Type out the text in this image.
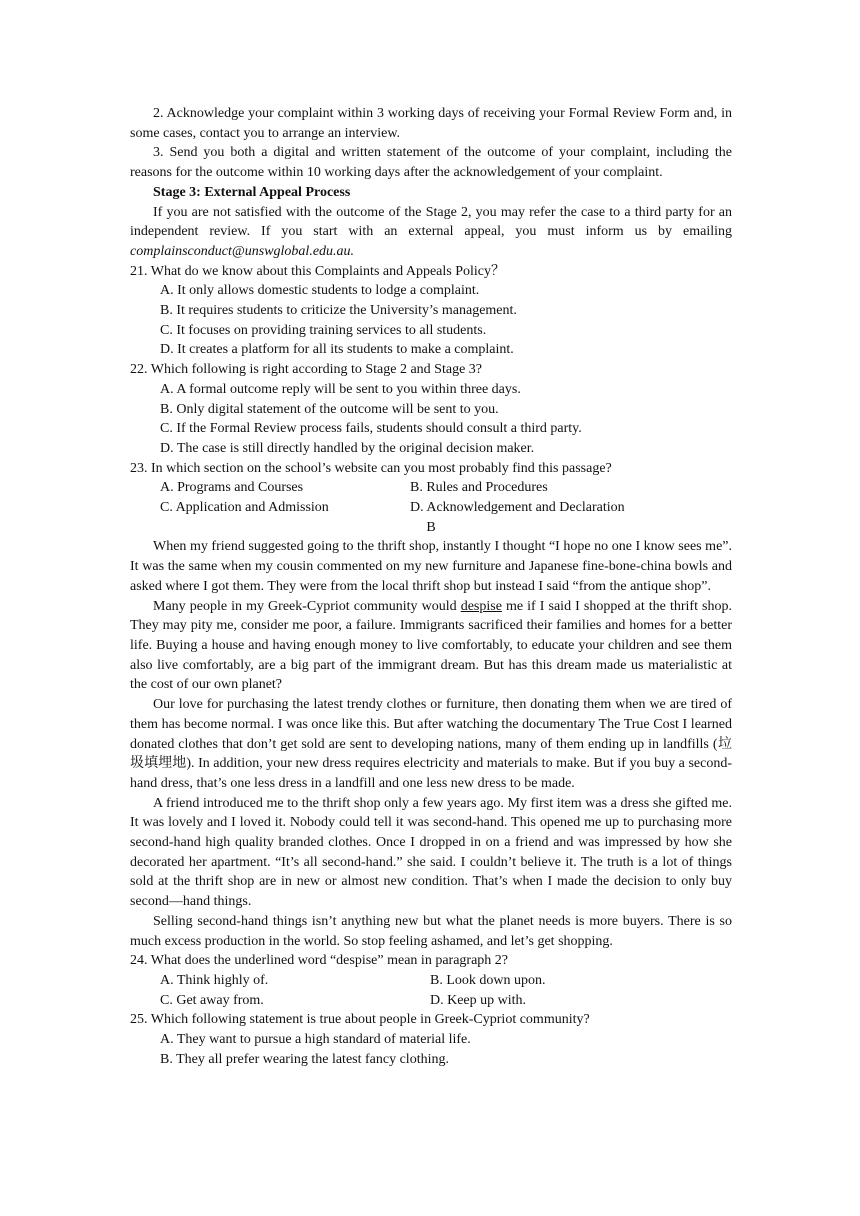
2. Acknowledge your complaint within 3 working days of receiving your Formal Review Form and, in some cases, contact you to arrange an interview.

3. Send you both a digital and written statement of the outcome of your complaint, including the reasons for the outcome within 10 working days after the acknowledgement of your complaint.

Stage 3: External Appeal Process

If you are not satisfied with the outcome of the Stage 2, you may refer the case to a third party for an independent review. If you start with an external appeal, you must inform us by emailing complainsconduct@unswglobal.edu.au.

21. What do we know about this Complaints and Appeals Policy？

A. It only allows domestic students to lodge a complaint.

B. It requires students to criticize the University’s management.

C. It focuses on providing training services to all students.

D. It creates a platform for all its students to make a complaint.

22. Which following is right according to Stage 2 and Stage 3?

A. A formal outcome reply will be sent to you within three days.

B. Only digital statement of the outcome will be sent to you.

C. If the Formal Review process fails, students should consult a third party.

D. The case is still directly handled by the original decision maker.

23. In which section on the school’s website can you most probably find this passage?

A. Programs and Courses	B. Rules and Procedures
C. Application and Admission	D. Acknowledgement and Declaration

B

When my friend suggested going to the thrift shop, instantly I thought “I hope no one I know sees me”. It was the same when my cousin commented on my new furniture and Japanese fine-bone-china bowls and asked where I got them. They were from the local thrift shop but instead I said “from the antique shop”.

Many people in my Greek-Cypriot community would despise me if I said I shopped at the thrift shop. They may pity me, consider me poor, a failure. Immigrants sacrificed their families and homes for a better life. Buying a house and having enough money to live comfortably, to educate your children and see them also live comfortably, are a big part of the immigrant dream. But has this dream made us materialistic at the cost of our own planet?

Our love for purchasing the latest trendy clothes or furniture, then donating them when we are tired of them has become normal. I was once like this. But after watching the documentary The True Cost I learned donated clothes that don’t get sold are sent to developing nations, many of them ending up in landfills (垃圾填埋地). In addition, your new dress requires electricity and materials to make. But if you buy a second-hand dress, that’s one less dress in a landfill and one less new dress to be made.

A friend introduced me to the thrift shop only a few years ago. My first item was a dress she gifted me. It was lovely and I loved it. Nobody could tell it was second-hand. This opened me up to purchasing more second-hand high quality branded clothes. Once I dropped in on a friend and was impressed by how she decorated her apartment. “It’s all second-hand.” she said. I couldn’t believe it. The truth is a lot of things sold at the thrift shop are in new or almost new condition. That’s when I made the decision to only buy second—hand things.

Selling second-hand things isn’t anything new but what the planet needs is more buyers. There is so much excess production in the world. So stop feeling ashamed, and let’s get shopping.

24. What does the underlined word “despise” mean in paragraph 2?

A. Think highly of.	B. Look down upon.
C. Get away from.	D. Keep up with.

25. Which following statement is true about people in Greek-Cypriot community?

A. They want to pursue a high standard of material life.

B. They all prefer wearing the latest fancy clothing.
